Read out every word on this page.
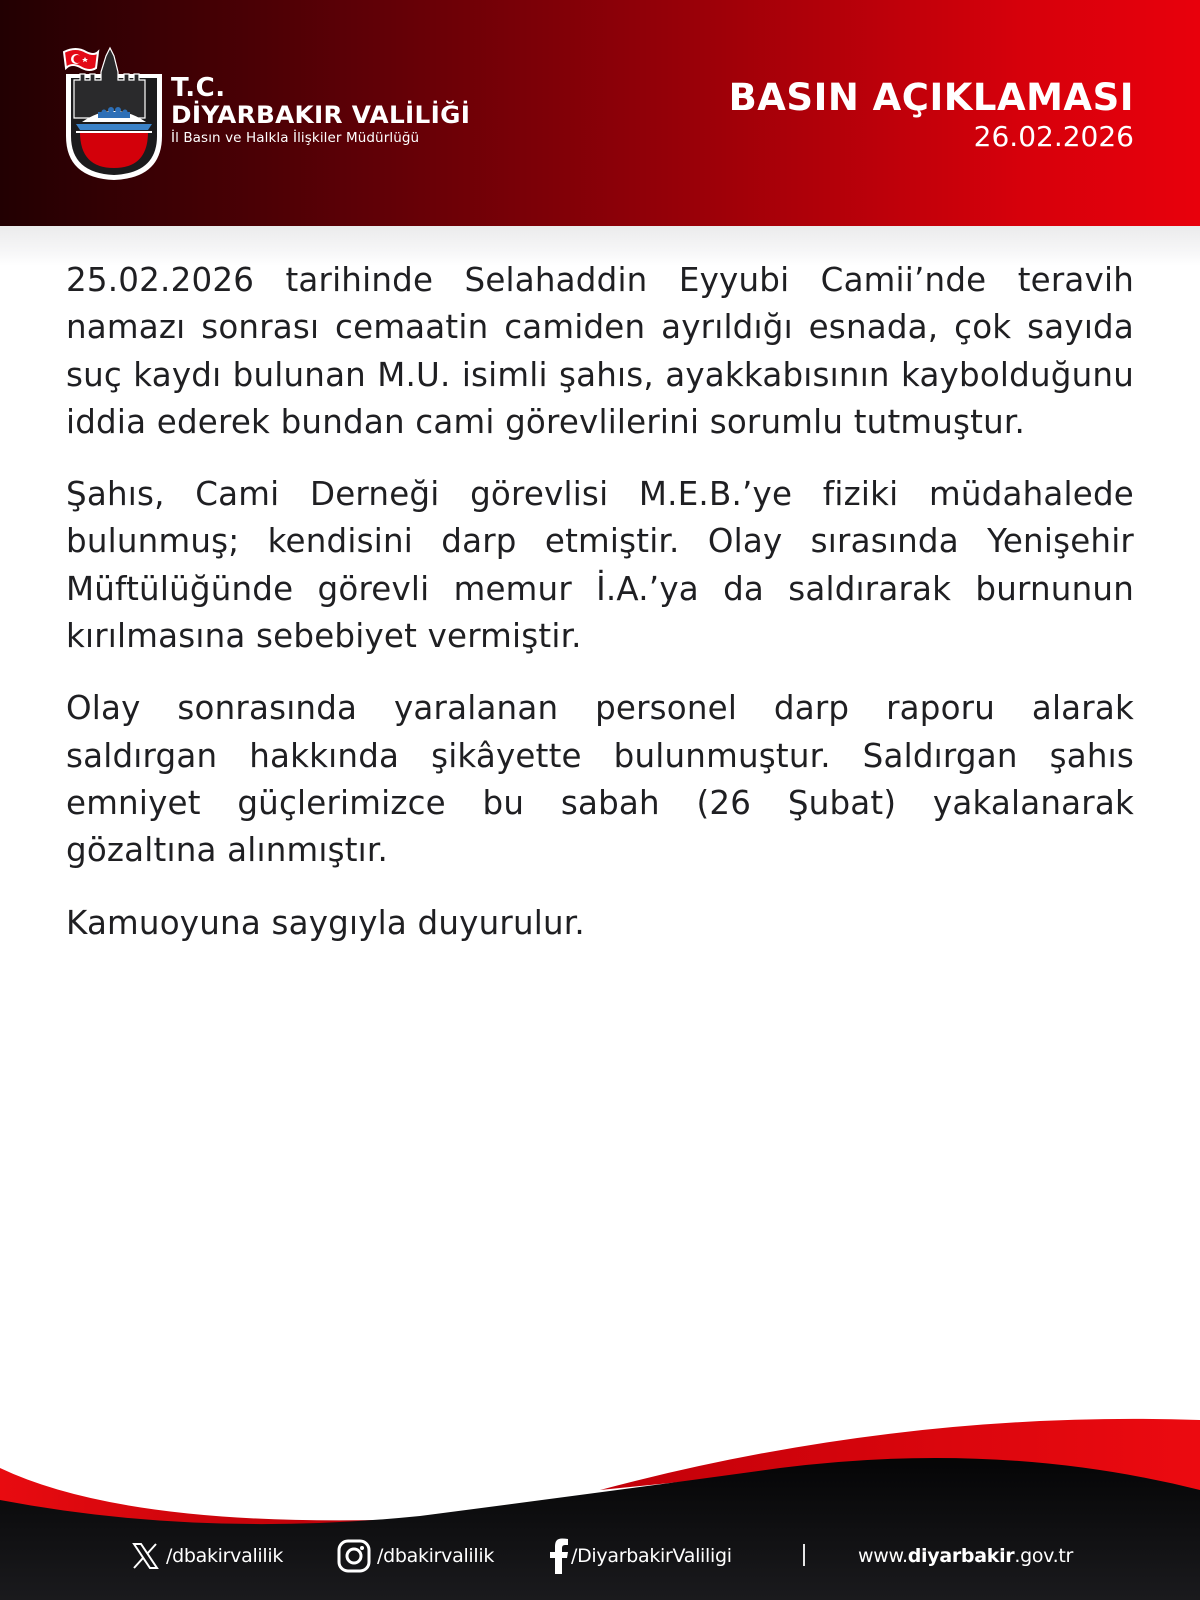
T.C.
DİYARBAKIR VALİLİĞİ
İl Basın ve Halkla İlişkiler Müdürlüğü
BASIN AÇIKLAMASI
26.02.2026

25.02.2026 tarihinde Selahaddin Eyyubi Camii’nde teravih namazı sonrası cemaatin camiden ayrıldığı esnada, çok sayıda suç kaydı bulunan M.U. isimli şahıs, ayakkabısının kaybolduğunu iddia ederek bundan cami görevlilerini sorumlu tutmuştur.

Şahıs, Cami Derneği görevlisi M.E.B.’ye fiziki müdahalede bulunmuş; kendisini darp etmiştir. Olay sırasında Yenişehir Müftülüğünde görevli memur İ.A.’ya da saldırarak burnunun kırılmasına sebebiyet vermiştir.

Olay sonrasında yaralanan personel darp raporu alarak saldırgan hakkında şikâyette bulunmuştur. Saldırgan şahıs emniyet güçlerimizce bu sabah (26 Şubat) yakalanarak gözaltına alınmıştır.

Kamuoyuna saygıyla duyurulur.

/dbakirvalilik	/dbakirvalilik	/DiyarbakirValiligi	www. diyarbakir .gov.tr
